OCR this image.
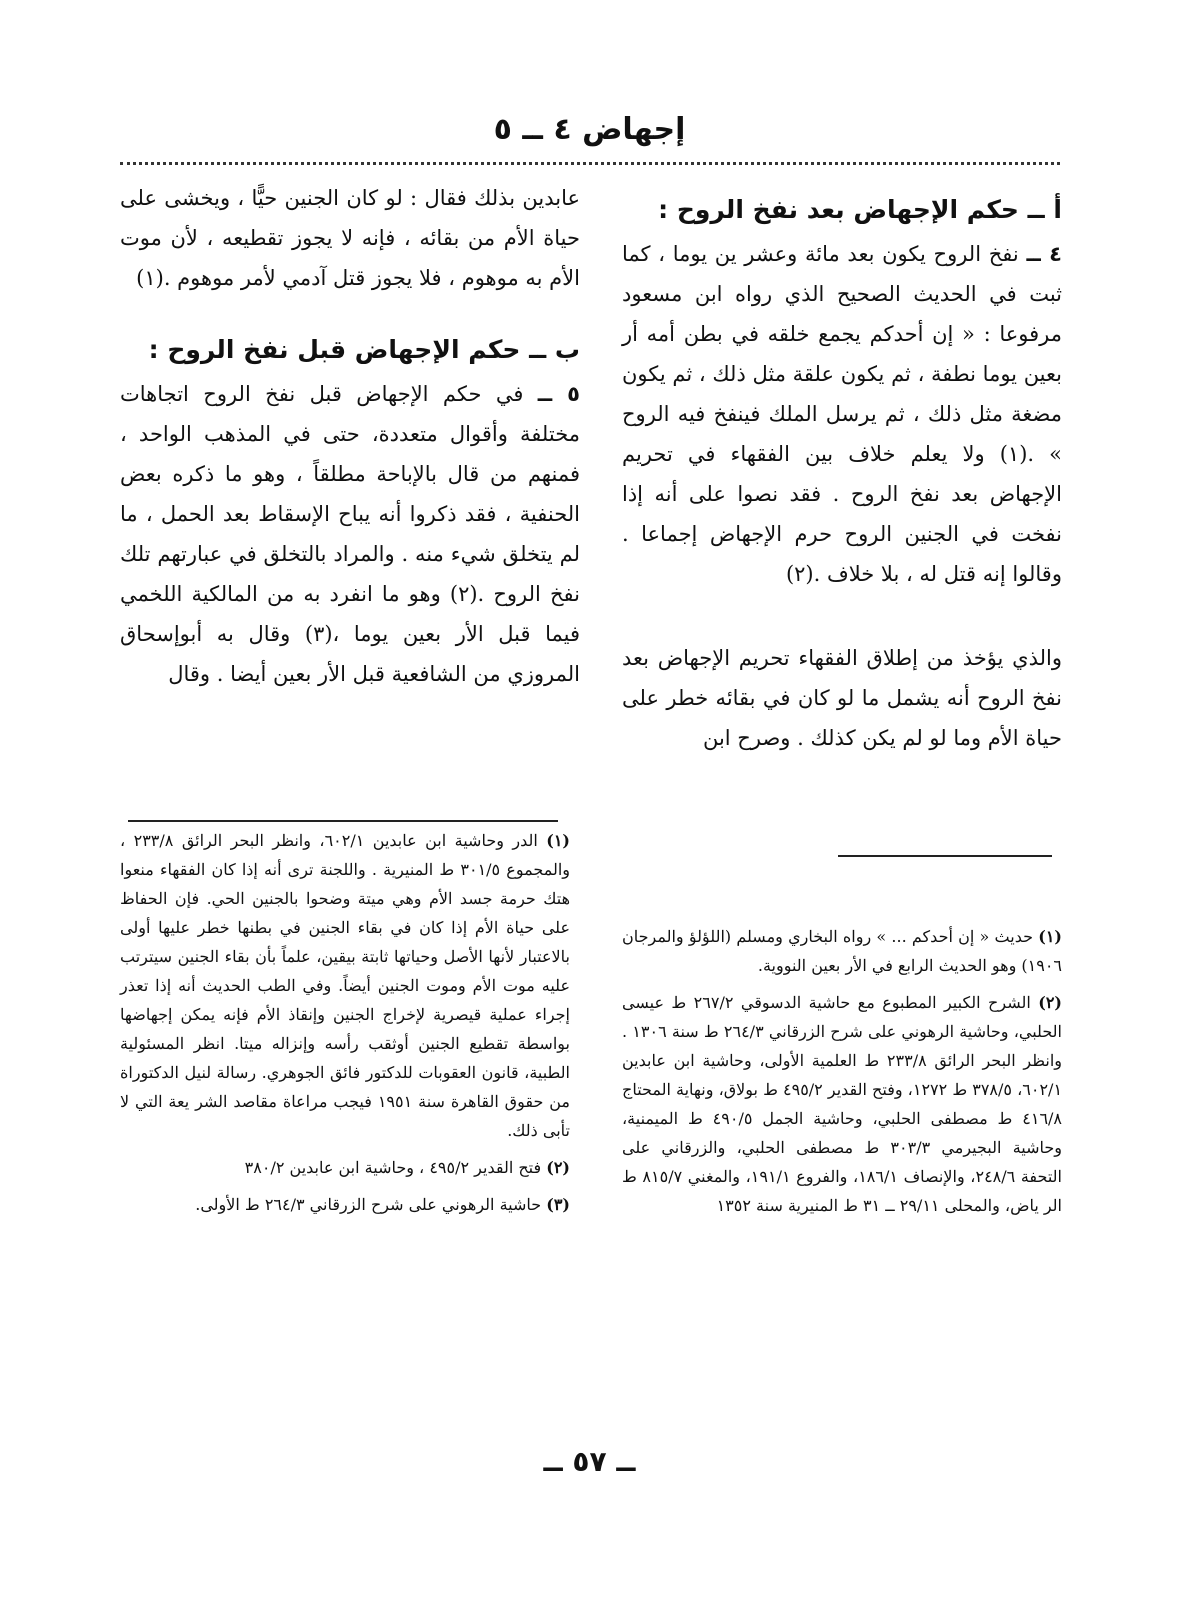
إجهاض ٤ ــ ٥

أ ــ حكم الإجهاض بعد نفخ الروح :

٤ ــ نفخ الروح يكون بعد مائة وعشر ين يوما ، كما ثبت في الحديث الصحيح الذي رواه ابن مسعود مرفوعا : « إن أحدكم يجمع خلقه في بطن أمه أر بعين يوما نطفة ، ثم يكون علقة مثل ذلك ، ثم يكون مضغة مثل ذلك ، ثم يرسل الملك فينفخ فيه الروح » .(١) ولا يعلم خلاف بين الفقهاء في تحريم الإجهاض بعد نفخ الروح . فقد نصوا على أنه إذا نفخت في الجنين الروح حرم الإجهاض إجماعا . وقالوا إنه قتل له ، بلا خلاف .(٢)

والذي يؤخذ من إطلاق الفقهاء تحريم الإجهاض بعد نفخ الروح أنه يشمل ما لو كان في بقائه خطر على حياة الأم وما لو لم يكن كذلك . وصرح ابن

(١) حديث « إن أحدكم ... » رواه البخاري ومسلم (اللؤلؤ والمرجان ١٩٠٦) وهو الحديث الرابع في الأر بعين النووية.

(٢) الشرح الكبير المطبوع مع حاشية الدسوقي ٢٦٧/٢ ط عيسى الحلبي، وحاشية الرهوني على شرح الزرقاني ٢٦٤/٣ ط سنة ١٣٠٦ . وانظر البحر الرائق ٢٣٣/٨ ط العلمية الأولى، وحاشية ابن عابدين ٦٠٢/١، ٣٧٨/٥ ط ١٢٧٢، وفتح القدير ٤٩٥/٢ ط بولاق، ونهاية المحتاج ٤١٦/٨ ط مصطفى الحلبي، وحاشية الجمل ٤٩٠/٥ ط الميمنية، وحاشية البجيرمي ٣٠٣/٣ ط مصطفى الحلبي، والزرقاني على التحفة ٢٤٨/٦، والإنصاف ١٨٦/١، والفروع ١٩١/١، والمغني ٨١٥/٧ ط الر ياض، والمحلى ٢٩/١١ ــ ٣١ ط المنيرية سنة ١٣٥٢

عابدين بذلك فقال : لو كان الجنين حيًّا ، ويخشى على حياة الأم من بقائه ، فإنه لا يجوز تقطيعه ، لأن موت الأم به موهوم ، فلا يجوز قتل آدمي لأمر موهوم .(١)

ب ــ حكم الإجهاض قبل نفخ الروح :

٥ ــ في حكم الإجهاض قبل نفخ الروح اتجاهات مختلفة وأقوال متعددة، حتى في المذهب الواحد ، فمنهم من قال بالإباحة مطلقاً ، وهو ما ذكره بعض الحنفية ، فقد ذكروا أنه يباح الإسقاط بعد الحمل ، ما لم يتخلق شيء منه . والمراد بالتخلق في عبارتهم تلك نفخ الروح .(٢) وهو ما انفرد به من المالكية اللخمي فيما قبل الأر بعين يوما ،(٣) وقال به أبوإسحاق المروزي من الشافعية قبل الأر بعين أيضا . وقال

(١) الدر وحاشية ابن عابدين ٦٠٢/١، وانظر البحر الرائق ٢٣٣/٨ ، والمجموع ٣٠١/٥ ط المنيرية . واللجنة ترى أنه إذا كان الفقهاء منعوا هتك حرمة جسد الأم وهي ميتة وضحوا بالجنين الحي. فإن الحفاظ على حياة الأم إذا كان في بقاء الجنين في بطنها خطر عليها أولى بالاعتبار لأنها الأصل وحياتها ثابتة بيقين، علماً بأن بقاء الجنين سيترتب عليه موت الأم وموت الجنين أيضاً. وفي الطب الحديث أنه إذا تعذر إجراء عملية قيصرية لإخراج الجنين وإنقاذ الأم فإنه يمكن إجهاضها بواسطة تقطيع الجنين أوثقب رأسه وإنزاله ميتا. انظر المسئولية الطبية، قانون العقوبات للدكتور فائق الجوهري. رسالة لنيل الدكتوراة من حقوق القاهرة سنة ١٩٥١ فيجب مراعاة مقاصد الشر يعة التي لا تأبى ذلك.

(٢) فتح القدير ٤٩٥/٢ ، وحاشية ابن عابدين ٣٨٠/٢

(٣) حاشية الرهوني على شرح الزرقاني ٢٦٤/٣ ط الأولى.

ــ ٥٧ ــ
